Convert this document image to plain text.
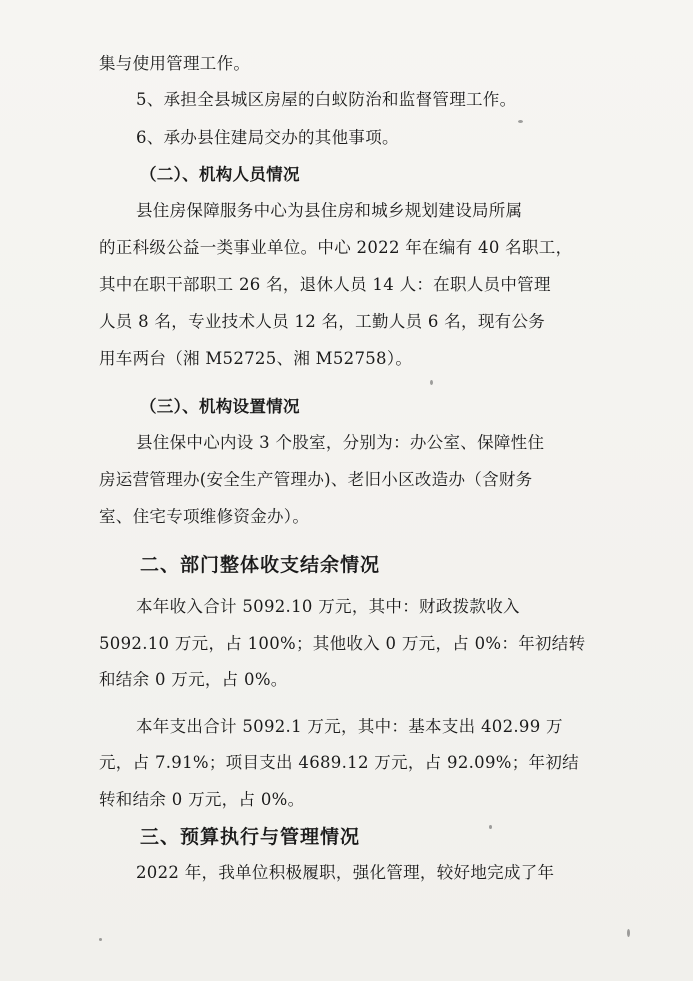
集与使用管理工作。
5、承担全县城区房屋的白蚁防治和监督管理工作。
6、承办县住建局交办的其他事项。
（二）、机构人员情况
县住房保障服务中心为县住房和城乡规划建设局所属
的正科级公益一类事业单位。中心 2022 年在编有 40 名职工，
其中在职干部职工 26 名，退休人员 14 人：在职人员中管理
人员 8 名，专业技术人员 12 名，工勤人员 6 名，现有公务
用车两台（湘 M52725、湘 M52758）。
（三）、机构设置情况
县住保中心内设 3 个股室，分别为：办公室、保障性住
房运营管理办(安全生产管理办)、老旧小区改造办（含财务
室、住宅专项维修资金办）。
二、部门整体收支结余情况
本年收入合计 5092.10 万元，其中：财政拨款收入
5092.10 万元，占 100%；其他收入 0 万元，占 0%：年初结转
和结余 0 万元，占 0%。
本年支出合计 5092.1 万元，其中：基本支出 402.99 万
元，占 7.91%；项目支出 4689.12 万元，占 92.09%；年初结
转和结余 0 万元，占 0%。
三、预算执行与管理情况
2022 年，我单位积极履职，强化管理，较好地完成了年
